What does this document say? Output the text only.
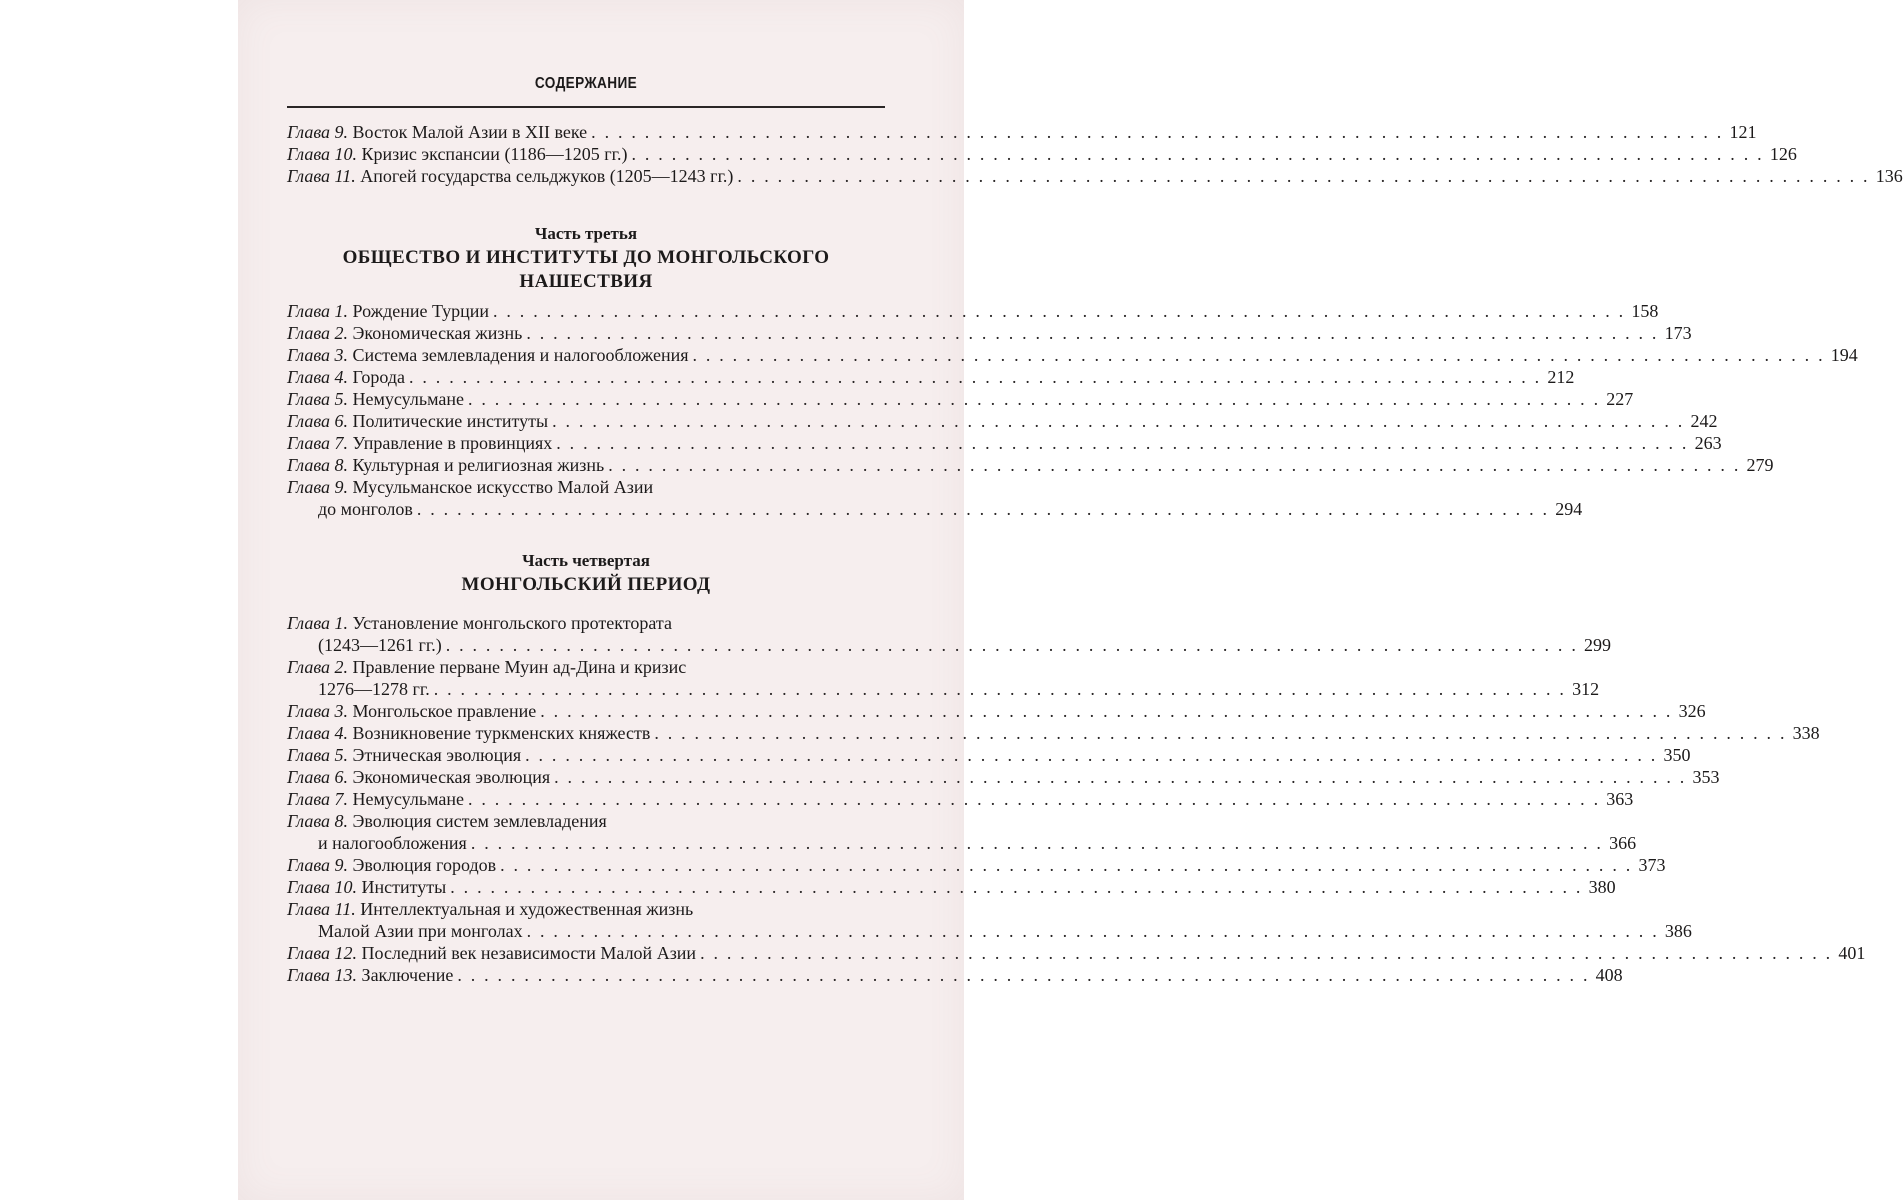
СОДЕРЖАНИЕ
Глава 9.
Восток Малой Азии в XII веке . . . . . . . . . . . . . . . . . . . . . . . . . . . . . . . . . . . . . . . . . . . . . . . . . . . . . . . . . . . . . . . . . . . . . . . . . . . . . . . . . . . . . 121
Глава 10.
Кризис экспансии (1186—1205 гг.) . . . . . . . . . . . . . . . . . . . . . . . . . . . . . . . . . . . . . . . . . . . . . . . . . . . . . . . . . . . . . . . . . . . . . . . . . . . . . . . . . . . . . 126
Глава 11.
Апогей государства сельджуков (1205—1243 гг.) . . . . . . . . . . . . . . . . . . . . . . . . . . . . . . . . . . . . . . . . . . . . . . . . . . . . . . . . . . . . . . . . . . . . . . . . . . . . . . . . . . . . . 136
Часть третья
ОБЩЕСТВО И ИНСТИТУТЫ ДО МОНГОЛЬСКОГО
НАШЕСТВИЯ
Глава 1.
Рождение Турции . . . . . . . . . . . . . . . . . . . . . . . . . . . . . . . . . . . . . . . . . . . . . . . . . . . . . . . . . . . . . . . . . . . . . . . . . . . . . . . . . . . . . 158
Глава 2.
Экономическая жизнь . . . . . . . . . . . . . . . . . . . . . . . . . . . . . . . . . . . . . . . . . . . . . . . . . . . . . . . . . . . . . . . . . . . . . . . . . . . . . . . . . . . . . 173
Глава 3.
Система землевладения и налогообложения . . . . . . . . . . . . . . . . . . . . . . . . . . . . . . . . . . . . . . . . . . . . . . . . . . . . . . . . . . . . . . . . . . . . . . . . . . . . . . . . . . . . . 194
Глава 4.
Города . . . . . . . . . . . . . . . . . . . . . . . . . . . . . . . . . . . . . . . . . . . . . . . . . . . . . . . . . . . . . . . . . . . . . . . . . . . . . . . . . . . . . 212
Глава 5.
Немусульмане . . . . . . . . . . . . . . . . . . . . . . . . . . . . . . . . . . . . . . . . . . . . . . . . . . . . . . . . . . . . . . . . . . . . . . . . . . . . . . . . . . . . . 227
Глава 6.
Политические институты . . . . . . . . . . . . . . . . . . . . . . . . . . . . . . . . . . . . . . . . . . . . . . . . . . . . . . . . . . . . . . . . . . . . . . . . . . . . . . . . . . . . . 242
Глава 7.
Управление в провинциях . . . . . . . . . . . . . . . . . . . . . . . . . . . . . . . . . . . . . . . . . . . . . . . . . . . . . . . . . . . . . . . . . . . . . . . . . . . . . . . . . . . . . 263
Глава 8.
Культурная и религиозная жизнь . . . . . . . . . . . . . . . . . . . . . . . . . . . . . . . . . . . . . . . . . . . . . . . . . . . . . . . . . . . . . . . . . . . . . . . . . . . . . . . . . . . . . 279
Глава 9.
Мусульманское искусство Малой Азии
до монголов . . . . . . . . . . . . . . . . . . . . . . . . . . . . . . . . . . . . . . . . . . . . . . . . . . . . . . . . . . . . . . . . . . . . . . . . . . . . . . . . . . . . . 294
Часть четвертая
МОНГОЛЬСКИЙ ПЕРИОД
Глава 1.
Установление монгольского протектората
(1243—1261 гг.) . . . . . . . . . . . . . . . . . . . . . . . . . . . . . . . . . . . . . . . . . . . . . . . . . . . . . . . . . . . . . . . . . . . . . . . . . . . . . . . . . . . . . 299
Глава 2.
Правление перване Муин ад-Дина и кризис
1276—1278 гг. . . . . . . . . . . . . . . . . . . . . . . . . . . . . . . . . . . . . . . . . . . . . . . . . . . . . . . . . . . . . . . . . . . . . . . . . . . . . . . . . . . . . . 312
Глава 3.
Монгольское правление . . . . . . . . . . . . . . . . . . . . . . . . . . . . . . . . . . . . . . . . . . . . . . . . . . . . . . . . . . . . . . . . . . . . . . . . . . . . . . . . . . . . . 326
Глава 4.
Возникновение туркменских княжеств . . . . . . . . . . . . . . . . . . . . . . . . . . . . . . . . . . . . . . . . . . . . . . . . . . . . . . . . . . . . . . . . . . . . . . . . . . . . . . . . . . . . . 338
Глава 5.
Этническая эволюция . . . . . . . . . . . . . . . . . . . . . . . . . . . . . . . . . . . . . . . . . . . . . . . . . . . . . . . . . . . . . . . . . . . . . . . . . . . . . . . . . . . . . 350
Глава 6.
Экономическая эволюция . . . . . . . . . . . . . . . . . . . . . . . . . . . . . . . . . . . . . . . . . . . . . . . . . . . . . . . . . . . . . . . . . . . . . . . . . . . . . . . . . . . . . 353
Глава 7.
Немусульмане . . . . . . . . . . . . . . . . . . . . . . . . . . . . . . . . . . . . . . . . . . . . . . . . . . . . . . . . . . . . . . . . . . . . . . . . . . . . . . . . . . . . . 363
Глава 8.
Эволюция систем землевладения
и налогообложения . . . . . . . . . . . . . . . . . . . . . . . . . . . . . . . . . . . . . . . . . . . . . . . . . . . . . . . . . . . . . . . . . . . . . . . . . . . . . . . . . . . . . 366
Глава 9.
Эволюция городов . . . . . . . . . . . . . . . . . . . . . . . . . . . . . . . . . . . . . . . . . . . . . . . . . . . . . . . . . . . . . . . . . . . . . . . . . . . . . . . . . . . . . 373
Глава 10.
Институты . . . . . . . . . . . . . . . . . . . . . . . . . . . . . . . . . . . . . . . . . . . . . . . . . . . . . . . . . . . . . . . . . . . . . . . . . . . . . . . . . . . . . 380
Глава 11.
Интеллектуальная и художественная жизнь
Малой Азии при монголах . . . . . . . . . . . . . . . . . . . . . . . . . . . . . . . . . . . . . . . . . . . . . . . . . . . . . . . . . . . . . . . . . . . . . . . . . . . . . . . . . . . . . 386
Глава 12.
Последний век независимости Малой Азии . . . . . . . . . . . . . . . . . . . . . . . . . . . . . . . . . . . . . . . . . . . . . . . . . . . . . . . . . . . . . . . . . . . . . . . . . . . . . . . . . . . . . 401
Глава 13.
Заключение . . . . . . . . . . . . . . . . . . . . . . . . . . . . . . . . . . . . . . . . . . . . . . . . . . . . . . . . . . . . . . . . . . . . . . . . . . . . . . . . . . . . . 408
